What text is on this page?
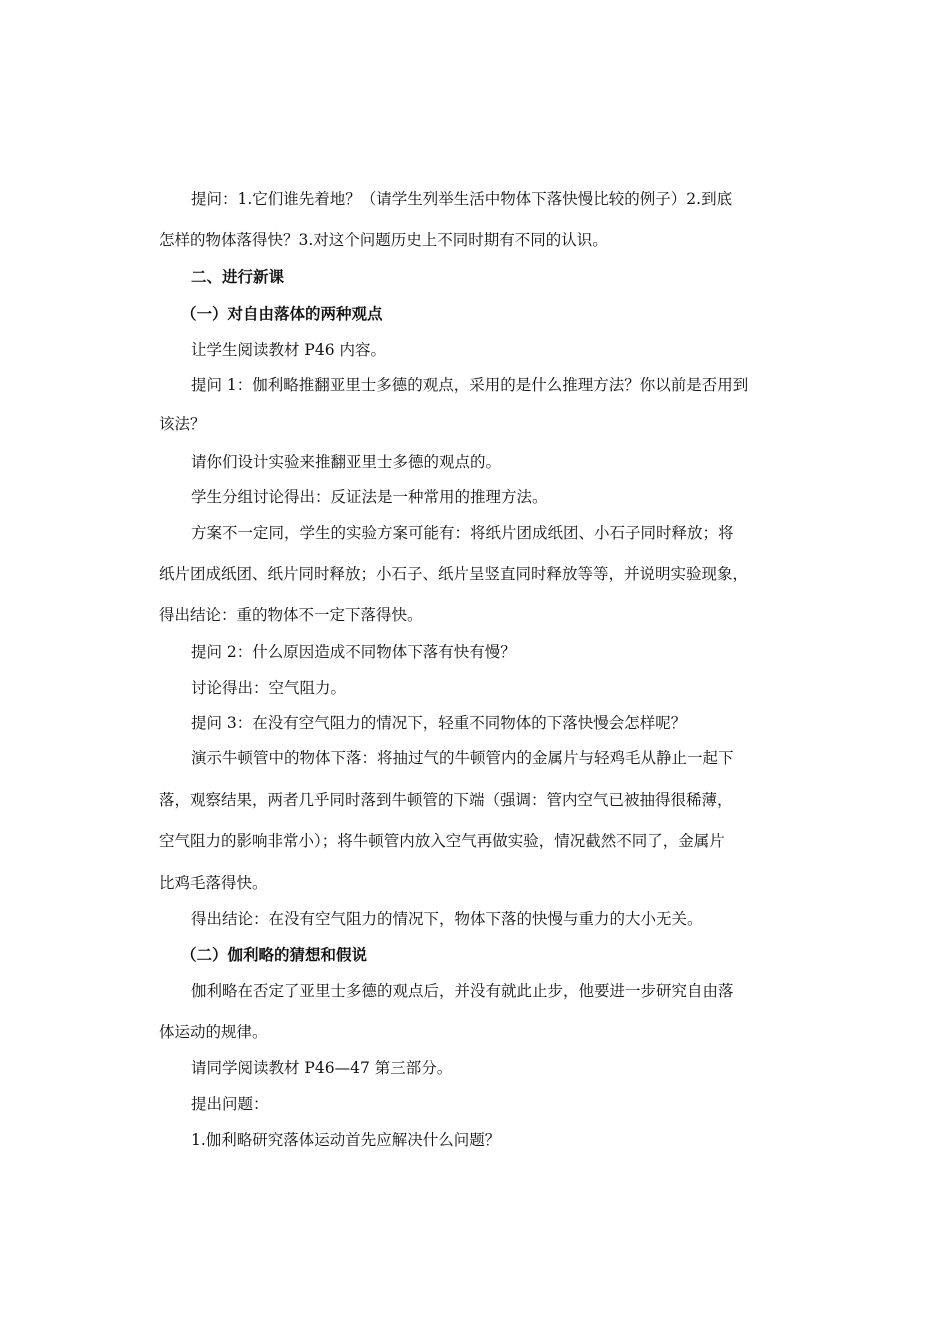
提问：1.它们谁先着地？（请学生列举生活中物体下落快慢比较的例子）2.到底
怎样的物体落得快？3.对这个问题历史上不同时期有不同的认识。
二、进行新课
（一）对自由落体的两种观点
让学生阅读教材 P46 内容。
提问 1：伽利略推翻亚里士多德的观点，采用的是什么推理方法？你以前是否用到
该法？
请你们设计实验来推翻亚里士多德的观点的。
学生分组讨论得出：反证法是一种常用的推理方法。
方案不一定同，学生的实验方案可能有：将纸片团成纸团、小石子同时释放；将
纸片团成纸团、纸片同时释放；小石子、纸片呈竖直同时释放等等，并说明实验现象，
得出结论：重的物体不一定下落得快。
提问 2：什么原因造成不同物体下落有快有慢？
讨论得出：空气阻力。
提问 3：在没有空气阻力的情况下，轻重不同物体的下落快慢会怎样呢？
演示牛顿管中的物体下落：将抽过气的牛顿管内的金属片与轻鸡毛从静止一起下
落，观察结果，两者几乎同时落到牛顿管的下端（强调：管内空气已被抽得很稀薄，
空气阻力的影响非常小）；将牛顿管内放入空气再做实验，情况截然不同了，金属片
比鸡毛落得快。
得出结论：在没有空气阻力的情况下，物体下落的快慢与重力的大小无关。
（二）伽利略的猜想和假说
伽利略在否定了亚里士多德的观点后，并没有就此止步，他要进一步研究自由落
体运动的规律。
请同学阅读教材 P46—47 第三部分。
提出问题：
1.伽利略研究落体运动首先应解决什么问题？
